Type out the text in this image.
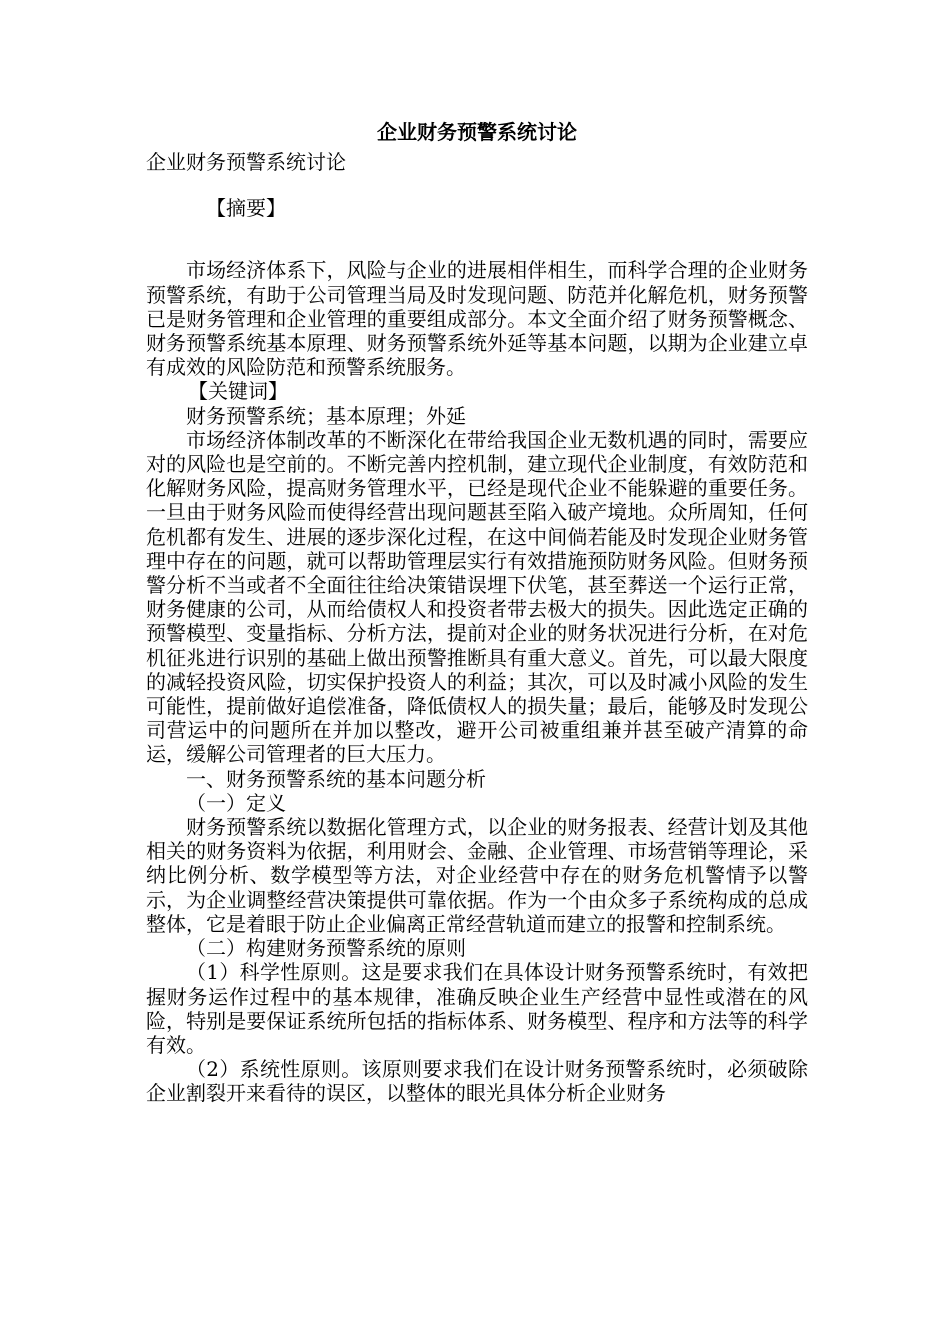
企业财务预警系统讨论

企业财务预警系统讨论

【摘要】

市场经济体系下，风险与企业的进展相伴相生，而科学合理的企业财务预警系统，有助于公司管理当局及时发现问题、防范并化解危机，财务预警已是财务管理和企业管理的重要组成部分。本文全面介绍了财务预警概念、财务预警系统基本原理、财务预警系统外延等基本问题，以期为企业建立卓有成效的风险防范和预警系统服务。

【关键词】

财务预警系统；基本原理；外延

市场经济体制改革的不断深化在带给我国企业无数机遇的同时，需要应对的风险也是空前的。不断完善内控机制，建立现代企业制度，有效防范和化解财务风险，提高财务管理水平，已经是现代企业不能躲避的重要任务。一旦由于财务风险而使得经营出现问题甚至陷入破产境地。众所周知，任何危机都有发生、进展的逐步深化过程，在这中间倘若能及时发现企业财务管理中存在的问题，就可以帮助管理层实行有效措施预防财务风险。但财务预警分析不当或者不全面往往给决策错误埋下伏笔，甚至葬送一个运行正常，财务健康的公司，从而给债权人和投资者带去极大的损失。因此选定正确的预警模型、变量指标、分析方法，提前对企业的财务状况进行分析，在对危机征兆进行识别的基础上做出预警推断具有重大意义。首先，可以最大限度的减轻投资风险，切实保护投资人的利益；其次，可以及时减小风险的发生可能性，提前做好追偿准备，降低债权人的损失量；最后，能够及时发现公司营运中的问题所在并加以整改，避开公司被重组兼并甚至破产清算的命运，缓解公司管理者的巨大压力。

一、财务预警系统的基本问题分析

（一）定义

财务预警系统以数据化管理方式，以企业的财务报表、经营计划及其他相关的财务资料为依据，利用财会、金融、企业管理、市场营销等理论，采纳比例分析、数学模型等方法，对企业经营中存在的财务危机警情予以警示，为企业调整经营决策提供可靠依据。作为一个由众多子系统构成的总成整体，它是着眼于防止企业偏离正常经营轨道而建立的报警和控制系统。

（二）构建财务预警系统的原则

（1）科学性原则。这是要求我们在具体设计财务预警系统时，有效把握财务运作过程中的基本规律，准确反映企业生产经营中显性或潜在的风险，特别是要保证系统所包括的指标体系、财务模型、程序和方法等的科学有效。

（2）系统性原则。该原则要求我们在设计财务预警系统时，必须破除企业割裂开来看待的误区，以整体的眼光具体分析企业财务
